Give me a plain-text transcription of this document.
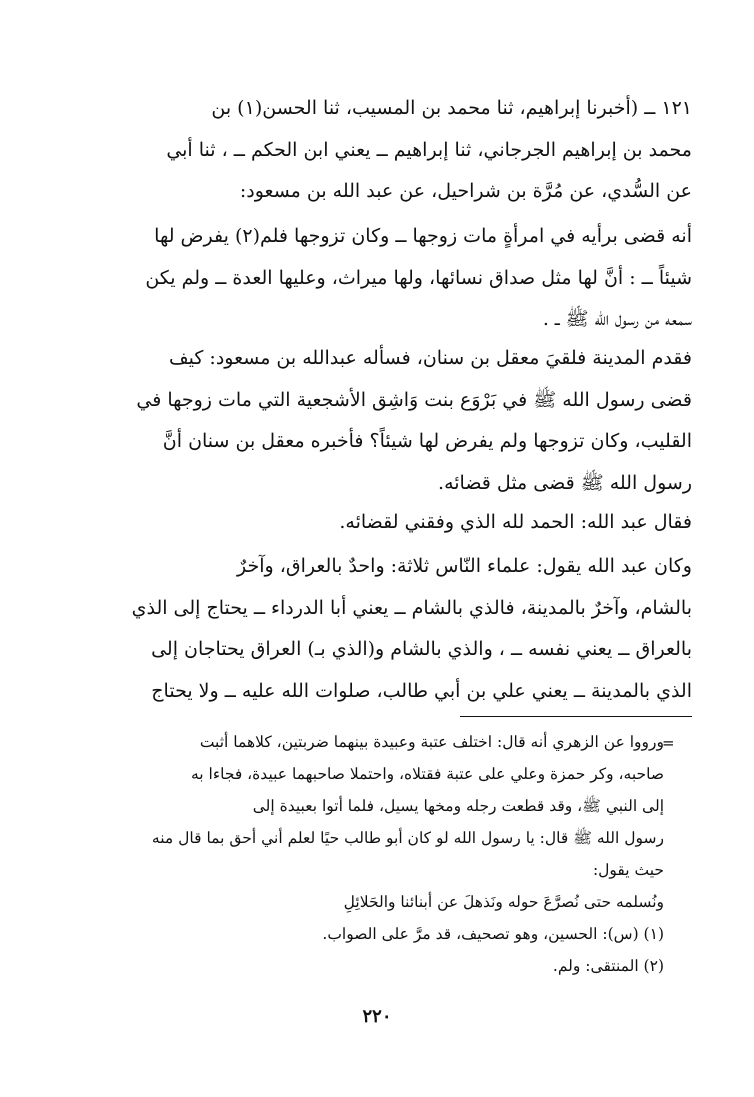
١٢١ ــ (أخبرنا إبراهيم، ثنا محمد بن المسيب، ثنا الحسن(١) بن
محمد بن إبراهيم الجرجاني، ثنا إبراهيم ــ يعني ابن الحكم ــ ، ثنا أبي
عن السُّدي، عن مُرَّة بن شراحيل، عن عبد الله بن مسعود:
أنه قضى برأيه في امرأةٍ مات زوجها ــ وكان تزوجها فلم(٢) يفرض لها
شيئاً ــ : أنَّ لها مثل صداق نسائها، ولها ميراث، وعليها العدة ــ ولم يكن
سمعه من رسول الله ﷺ ــ .
فقدم المدينة فلقيَ معقل بن سنان، فسأله عبدالله بن مسعود: كيف
قضى رسول الله ﷺ في بَرْوَع بنت وَاشِق الأشجعية التي مات زوجها في
القليب، وكان تزوجها ولم يفرض لها شيئاً؟ فأخبره معقل بن سنان أنَّ
رسول الله ﷺ قضى مثل قضائه.
فقال عبد الله: الحمد لله الذي وفقني لقضائه.
وكان عبد الله يقول: علماء النّاس ثلاثة: واحدٌ بالعراق، وآخرٌ
بالشام، وآخرٌ بالمدينة، فالذي بالشام ــ يعني أبا الدرداء ــ يحتاج إلى الذي
بالعراق ــ يعني نفسه ــ ، والذي بالشام و(الذي بـ) العراق يحتاجان إلى
الذي بالمدينة ــ يعني علي بن أبي طالب، صلوات الله عليه ــ ولا يحتاج
=
ورووا عن الزهري أنه قال: اختلف عتبة وعبيدة بينهما ضربتين، كلاهما أثبت
صاحبه، وكر حمزة وعلي على عتبة فقتلاه، واحتملا صاحبهما عبيدة، فجاءا به
إلى النبي ﷺ، وقد قطعت رجله ومخها يسيل، فلما أتوا بعبيدة إلى
رسول الله ﷺ قال: يا رسول الله لو كان أبو طالب حيًا لعلم أني أحق بما قال منه
حيث يقول:
ونُسلمه حتى نُصرَّعَ حوله ونَذهلَ عن أبنائنا والحَلائِلِ
(١) (س): الحسين، وهو تصحيف، قد مرَّ على الصواب.
(٢) المنتقى: ولم.
٢٢٠
